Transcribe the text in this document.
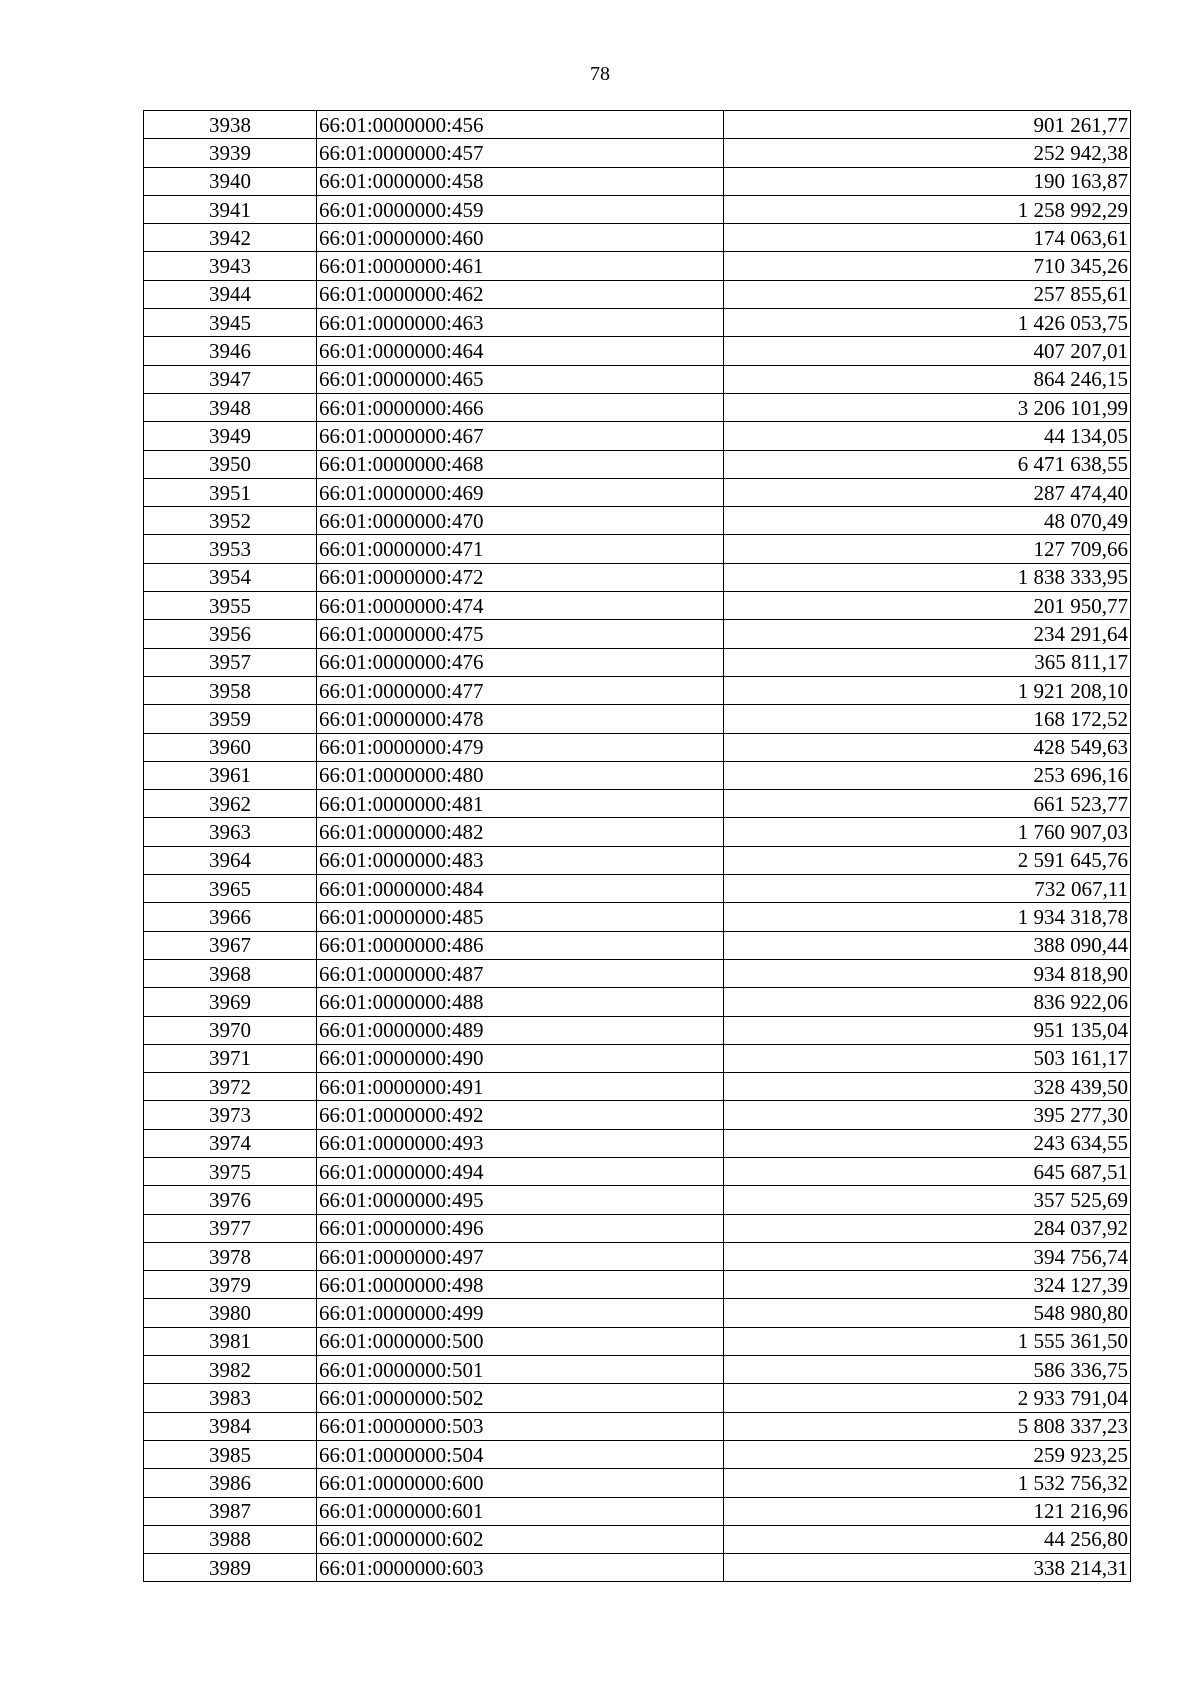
78
3938	66:01:0000000:456	901 261,77
3939	66:01:0000000:457	252 942,38
3940	66:01:0000000:458	190 163,87
3941	66:01:0000000:459	1 258 992,29
3942	66:01:0000000:460	174 063,61
3943	66:01:0000000:461	710 345,26
3944	66:01:0000000:462	257 855,61
3945	66:01:0000000:463	1 426 053,75
3946	66:01:0000000:464	407 207,01
3947	66:01:0000000:465	864 246,15
3948	66:01:0000000:466	3 206 101,99
3949	66:01:0000000:467	44 134,05
3950	66:01:0000000:468	6 471 638,55
3951	66:01:0000000:469	287 474,40
3952	66:01:0000000:470	48 070,49
3953	66:01:0000000:471	127 709,66
3954	66:01:0000000:472	1 838 333,95
3955	66:01:0000000:474	201 950,77
3956	66:01:0000000:475	234 291,64
3957	66:01:0000000:476	365 811,17
3958	66:01:0000000:477	1 921 208,10
3959	66:01:0000000:478	168 172,52
3960	66:01:0000000:479	428 549,63
3961	66:01:0000000:480	253 696,16
3962	66:01:0000000:481	661 523,77
3963	66:01:0000000:482	1 760 907,03
3964	66:01:0000000:483	2 591 645,76
3965	66:01:0000000:484	732 067,11
3966	66:01:0000000:485	1 934 318,78
3967	66:01:0000000:486	388 090,44
3968	66:01:0000000:487	934 818,90
3969	66:01:0000000:488	836 922,06
3970	66:01:0000000:489	951 135,04
3971	66:01:0000000:490	503 161,17
3972	66:01:0000000:491	328 439,50
3973	66:01:0000000:492	395 277,30
3974	66:01:0000000:493	243 634,55
3975	66:01:0000000:494	645 687,51
3976	66:01:0000000:495	357 525,69
3977	66:01:0000000:496	284 037,92
3978	66:01:0000000:497	394 756,74
3979	66:01:0000000:498	324 127,39
3980	66:01:0000000:499	548 980,80
3981	66:01:0000000:500	1 555 361,50
3982	66:01:0000000:501	586 336,75
3983	66:01:0000000:502	2 933 791,04
3984	66:01:0000000:503	5 808 337,23
3985	66:01:0000000:504	259 923,25
3986	66:01:0000000:600	1 532 756,32
3987	66:01:0000000:601	121 216,96
3988	66:01:0000000:602	44 256,80
3989	66:01:0000000:603	338 214,31
